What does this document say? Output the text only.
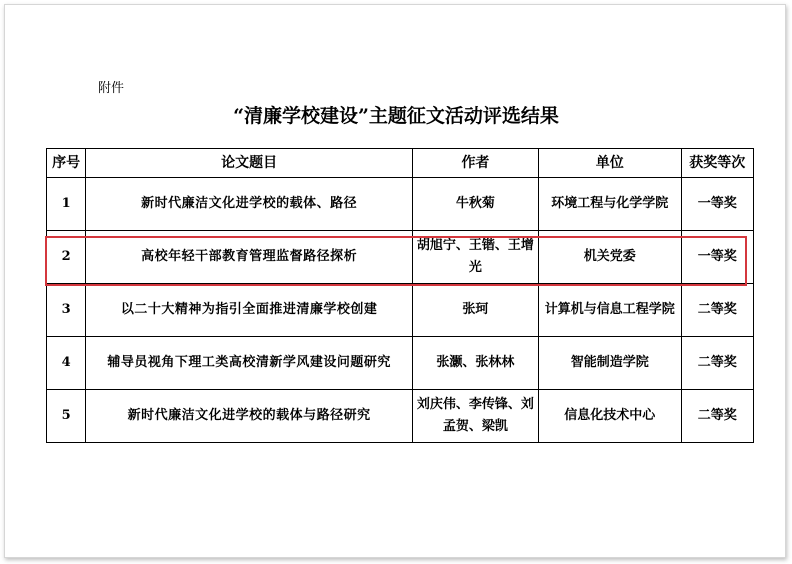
附件
“清廉学校建设”主题征文活动评选结果
序号	论文题目	作者	单位	获奖等次
1	新时代廉洁文化进学校的载体、路径	牛秋菊	环境工程与化学学院	一等奖
2	高校年轻干部教育管理监督路径探析	胡旭宁、王锴、王增光	机关党委	一等奖
3	以二十大精神为指引全面推进清廉学校创建	张珂	计算机与信息工程学院	二等奖
4	辅导员视角下理工类高校清新学风建设问题研究	张灏、张林林	智能制造学院	二等奖
5	新时代廉洁文化进学校的载体与路径研究	刘庆伟、李传锋、刘孟贺、梁凯	信息化技术中心	二等奖
